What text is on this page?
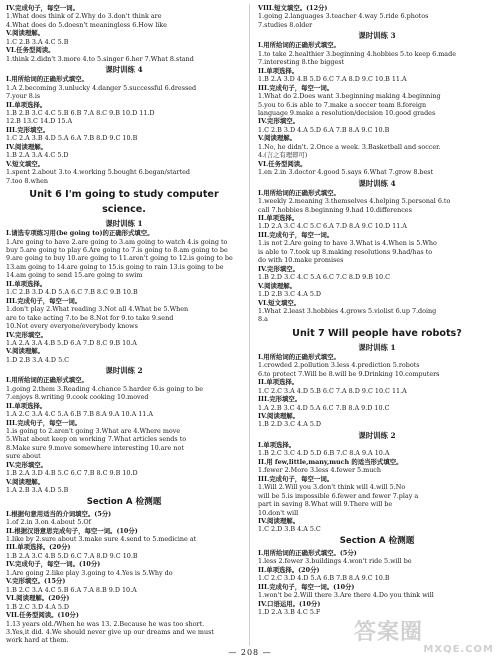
IV.完成句子，每空一词。
1.What does think of 2.Why do 3.don't think are
4.What does do 5.doesn't meaningless 6.How like
V.阅读理解。
1.C 2.B 3.A 4.C 5.B
VI.任务型阅读。
1.think 2.didn't 3.more 4.to 5.singer 6.her 7.What 8.stand
课时训练 4
I.用所给词的正确形式填空。
1.A 2.becoming 3.unlucky 4.danger 5.successful 6.dressed
7.your 8.is
II.单项选择。
1.B 2.B 3.C 4.C 5.B 6.B 7.A 8.C 9.B 10.D 11.D
12.B 13.C 14.D 15.A
III.完形填空。
1.C 2.A 3.B 4.D 5.A 6.A 7.B 8.D 9.C 10.B
IV.阅读理解。
1.B 2.A 3.A 4.C 5.D
V.短文填空。
1.spent 2.about 3.to 4.working 5.bought 6.began/started
7.too 8.when
Unit 6 I'm going to study computer science.
课时训练 1
I.请选专项练习用(be going to)的正确形式填空。
1.Are going to have 2.are going to 3.am going to watch 4.is going to
buy 5.are going to play 6.Are going to 7.is going to 8.am going to be
9.are going to buy 10.are going to 11.aren't going to 12.is going to be
13.am going to 14.are going to 15.is going to rain 13.is going to be
14.am going to send 15.are going to swim
II.单项选择。
1.C 2.B 3.D 4.D 5.A 6.C 7.B 8.C 9.B 10.B
III.完成句子，每空一词。
1.don't play 2.What reading 3.Not all 4.What be 5.When
are to take acting 7.to be 8.Not for 9.to take 9.send
10.Not every everyone/everybody knows
IV.完形填空。
1.A 2.A 3.A 4.B 5.D 6.A 7.D 8.C 9.B 10.A
V.阅读理解。
1.D 2.B 3.A 4.D 5.C
课时训练 2
I.用所给词的正确形式填空。
1.going 2.them 3.Reading 4.chance 5.harder 6.is going to be
7.enjoys 8.writing 9.cook cooking 10.moved
II.单项选择。
1.A 2.C 3.A 4.C 5.A 6.B 7.B 8.A 9.A 10.A 11.A
III.完成句子，每空一词。
1.is going to 2.aren't going 3.What are 4.Where move
5.What about keep on working 7.What articles sends to
8.Make sure 9.move somewhere interesting 10.are not
sure about
IV.完形填空。
1.B 2.A 3.D 4.B 5.C 6.C 7.B 8.C 9.B 10.D
V.阅读理解。
1.A 2.B 3.A 4.D 5.B
Section A 检测题
I.根据句意用适当的介词填空。(5分)
1.of 2.in 3.on 4.about 5.Of
II.根据汉语意思完成句子，每空一词。(10分)
1.like by 2.sure about 3.make sure 4.send to 5.medicine at
III.单项选择。(20分)
1.B 2.A 3.C 4.B 5.D 6.C 7.A 8.D 9.C 10.B
IV.完成句子，每空一词。(10分)
1.Are going 2.like play 3.going to 4.Yes is 5.Why do
V.完形填空。(15分)
1.B 2.C 3.A 4.C 5.B 6.A 7.A 8.B 9.D 10.A
VI.阅读理解。(20分)
1.B 2.C 3.D 4.A 5.D
VII.任务型阅读。(10分)
1.13 years old./When he was 13. 2.Because he was too short.
3.Yes,it did. 4.We should never give up our dreams and we must
work hard at them.
VIII.短文填空。(12分)
1.going 2.languages 3.teacher 4.way 5.ride 6.photos
7.studies 8.older
课时训练 3
I.用所给词的正确形式填空。
1.to take 2.healthier 3.beginning 4.hobbies 5.to keep 6.made
7.interesting 8.the biggest
II.单项选择。
1.B 2.A 3.D 4.B 5.D 6.C 7.A 8.D 9.C 10.B 11.A
III.完成句子，每空一词。
1.What do 2.Does want 3.beginning making 4.beginning
5.you to 6.is able to 7.make a soccer team 8.foreign
language 9.make a resolution/decision 10.good grades
IV.完形填空。
1.C 2.B 3.D 4.A 5.D 6.A 7.B 8.A 9.C 10.B
V.阅读理解。
1.No, he didn't. 2.Once a week. 3.Basketball and soccer.
4.(言之有理即可)
VI.任务型阅读。
1.en 2.in 3.doctor 4.good 5.says 6.What 7.grow 8.best
课时训练 4
I.用所给词的正确形式填空。
1.weekly 2.meaning 3.themselves 4.helping 5.personal 6.to
call 7.hobbies 8.beginning 9.had 10.differences
II.单项选择。
1.D 2.A 3.C 4.C 5.C 6.A 7.D 8.A 9.C 10.D 11.A
III.完成句子，每空一词。
1.is not 2.Are going to have 3.What is 4.When is 5.Who
is able to 7.took up 8.making resolutions 9.had/has to
do with 10.make promises
IV.完形填空。
1.B 2.D 3.C 4.C 5.A 6.C 7.C 8.D 9.B 10.C
V.阅读理解。
1.D 2.B 3.C 4.A 5.D
VI.短文填空。
1.What 2.least 3.hobbies 4.grows 5.violist 6.up 7.doing
8.a
Unit 7 Will people have robots?
课时训练 1
I.用所给词的正确形式填空。
1.crowded 2.pollution 3.less 4.prediction 5.robots
6.to protect 7.Will be 8.will be 9.Drinking 10.computers
II.单项选择。
1.C 2.C 3.A 4.D 5.B 6.C 7.A 8.D 9.C 10.C 11.A
III.完形填空。
1.A 2.B 3.C 4.D 5.A 6.C 7.B 8.A 9.D 10.C
IV.阅读理解。
1.B 2.D 3.C 4.A 5.D
课时训练 2
I.单项选择。
1.B 2.C 3.C 4.D 5.D 6.B 7.C 8.A 9.A 10.A
II.用 few,little,many,much 的适当形式填空。
1.fewer 2.More 3.less 4.fewer 5.much
III.完成句子，每空一词。
1.Will 2.Will you 3.don't think will 4.will 5.No
will be 5.is impossible 6.fewer and fewer 7.play a
part in saving 8.What will 9.There will be
10.don't will
IV.阅读理解。
1.C 2.D 3.B 4.A 5.C
Section A 检测题
I.用所给词的正确形式填空。(5分)
1.less 2.fewer 3.buildings 4.won't ride 5.will be
II.单项选择。(20分)
1.C 2.C 3.D 4.D 5.A 6.B 7.B 8.A 9.C 10.B
III.完成句子，每空一词。(10分)
1.won't be 2.Will there 3.Are there 4.Do you think will
IV.口语运用。(10分)
1.D 2.A 3.B 4.C 5.F
— 208 —
答案圈
MXQE.COM
